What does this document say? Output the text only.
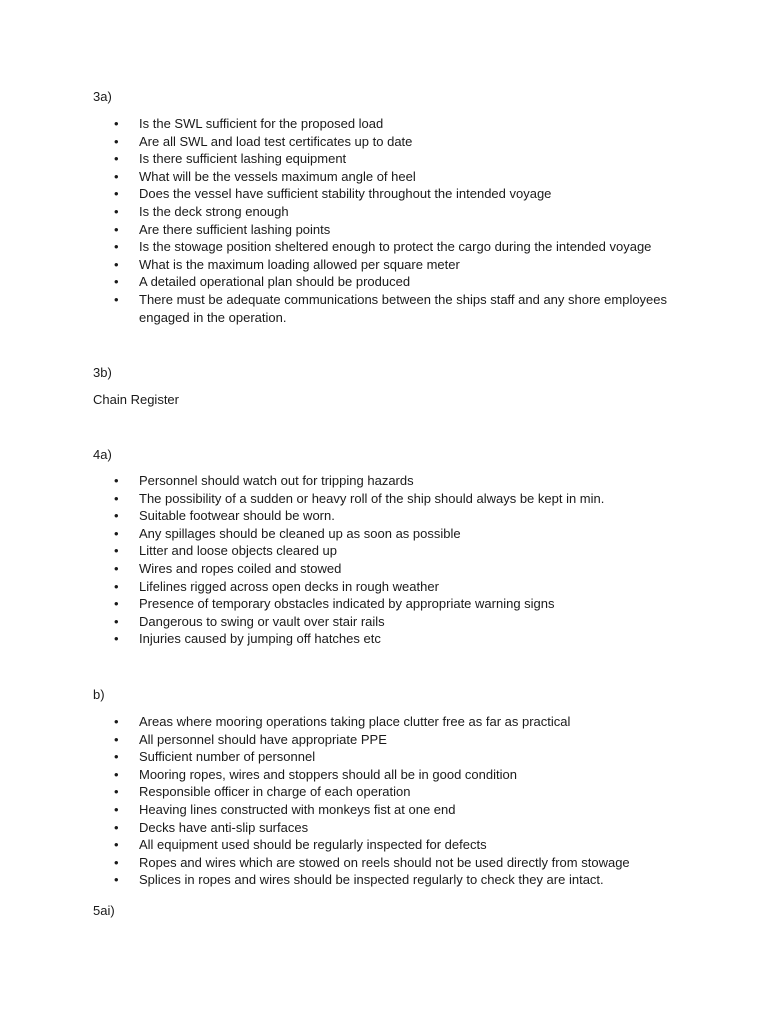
3a)

• Is the SWL sufficient for the proposed load
• Are all SWL and load test certificates up to date
• Is there sufficient lashing equipment
• What will be the vessels maximum angle of heel
• Does the vessel have sufficient stability throughout the intended voyage
• Is the deck strong enough
• Are there sufficient lashing points
• Is the stowage position sheltered enough to protect the cargo during the intended voyage
• What is the maximum loading allowed per square meter
• A detailed operational plan should be produced
• There must be adequate communications between the ships staff and any shore employees engaged in the operation.

3b)

Chain Register

4a)

• Personnel should watch out for tripping hazards
• The possibility of a sudden or heavy roll of the ship should always be kept in min.
• Suitable footwear should be worn.
• Any spillages should be cleaned up as soon as possible
• Litter and loose objects cleared up
• Wires and ropes coiled and stowed
• Lifelines rigged across open decks in rough weather
• Presence of temporary obstacles indicated by appropriate warning signs
• Dangerous to swing or vault over stair rails
• Injuries caused by jumping off hatches etc

b)

• Areas where mooring operations taking place clutter free as far as practical
• All personnel should have appropriate PPE
• Sufficient number of personnel
• Mooring ropes, wires and stoppers should all be in good condition
• Responsible officer in charge of each operation
• Heaving lines constructed with monkeys fist at one end
• Decks have anti-slip surfaces
• All equipment used should be regularly inspected for defects
• Ropes and wires which are stowed on reels should not be used directly from stowage
• Splices in ropes and wires should be inspected regularly to check they are intact.

5ai)
